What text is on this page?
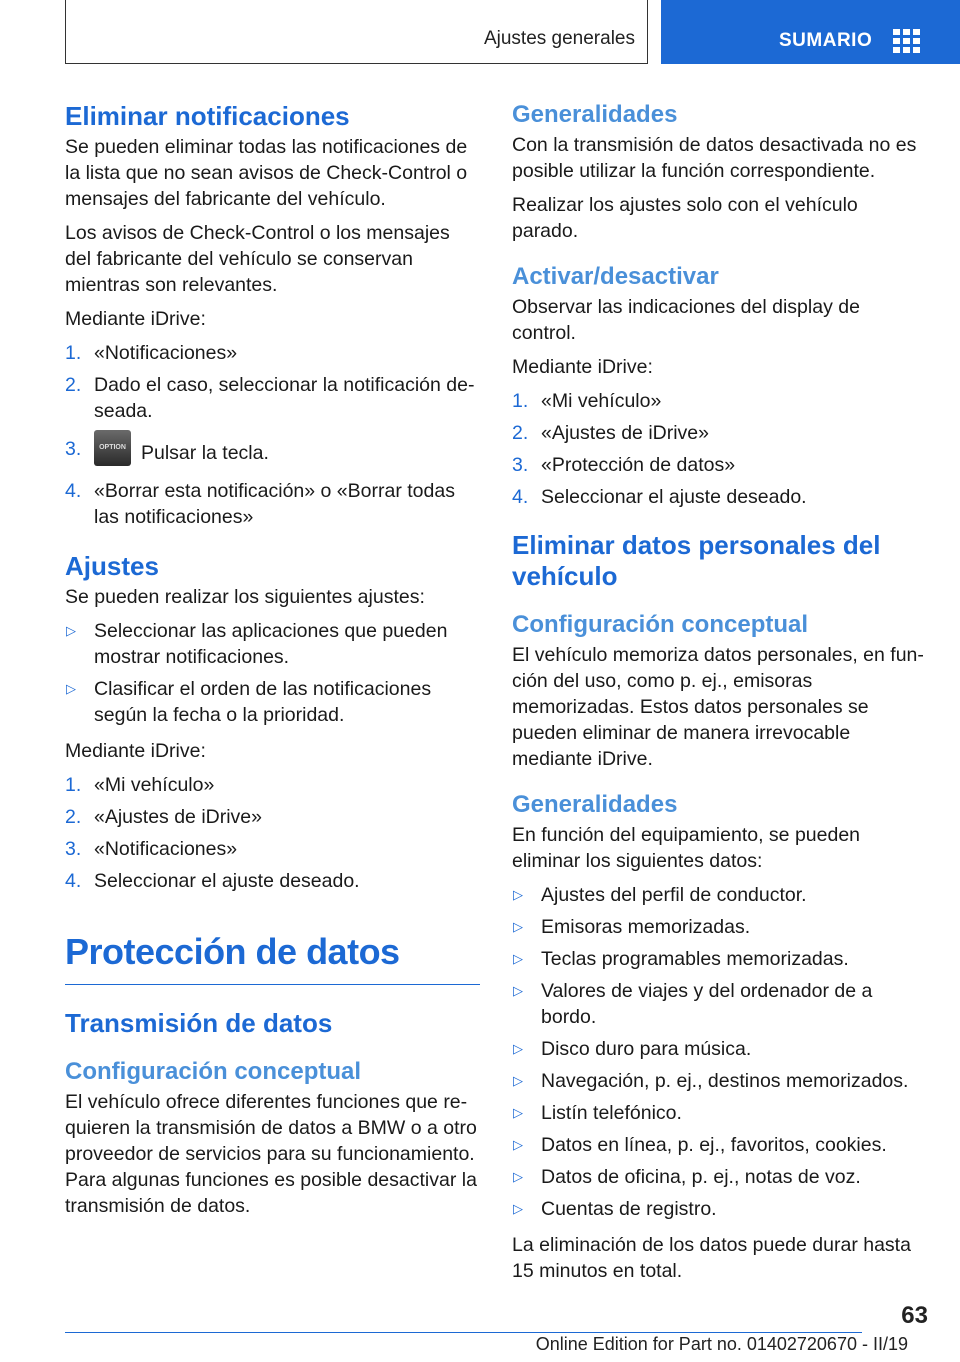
Ajustes generales	SUMARIO
Eliminar notificaciones

Se pueden eliminar todas las notificaciones de la lista que no sean avisos de Check-Control o mensajes del fabricante del vehículo.

Los avisos de Check-Control o los mensajes del fabricante del vehículo se conservan mientras son relevantes.

Mediante iDrive:

1. «Notificaciones»
2. Dado el caso, seleccionar la notificación de-seada.
3.	OPTION Pulsar la tecla.
4. «Borrar esta notificación» o «Borrar todas las notificaciones»
Ajustes

Se pueden realizar los siguientes ajustes:

▷ Seleccionar las aplicaciones que pueden mostrar notificaciones.
▷ Clasificar el orden de las notificaciones según la fecha o la prioridad.

Mediante iDrive:

1. «Mi vehículo»
2. «Ajustes de iDrive»
3. «Notificaciones»
4. Seleccionar el ajuste deseado.
Protección de datos
Transmisión de datos
Configuración conceptual

El vehículo ofrece diferentes funciones que re-quieren la transmisión de datos a BMW o a otro proveedor de servicios para su funcionamiento. Para algunas funciones es posible desactivar la transmisión de datos.

Generalidades

Con la transmisión de datos desactivada no es posible utilizar la función correspondiente.

Realizar los ajustes solo con el vehículo parado.

Activar/desactivar

Observar las indicaciones del display de control.

Mediante iDrive:

1. «Mi vehículo»
2. «Ajustes de iDrive»
3. «Protección de datos»
4. Seleccionar el ajuste deseado.
Eliminar datos personales del vehículo
Configuración conceptual

El vehículo memoriza datos personales, en fun-ción del uso, como p. ej., emisoras memorizadas. Estos datos personales se pueden eliminar de manera irrevocable mediante iDrive.

Generalidades

En función del equipamiento, se pueden eliminar los siguientes datos:

▷ Ajustes del perfil de conductor.
▷ Emisoras memorizadas.
▷ Teclas programables memorizadas.
▷ Valores de viajes y del ordenador de a bordo.
▷ Disco duro para música.
▷ Navegación, p. ej., destinos memorizados.
▷ Listín telefónico.
▷ Datos en línea, p. ej., favoritos, cookies.
▷ Datos de oficina, p. ej., notas de voz.
▷ Cuentas de registro.

La eliminación de los datos puede durar hasta 15 minutos en total.

63
Online Edition for Part no. 01402720670 - II/19
